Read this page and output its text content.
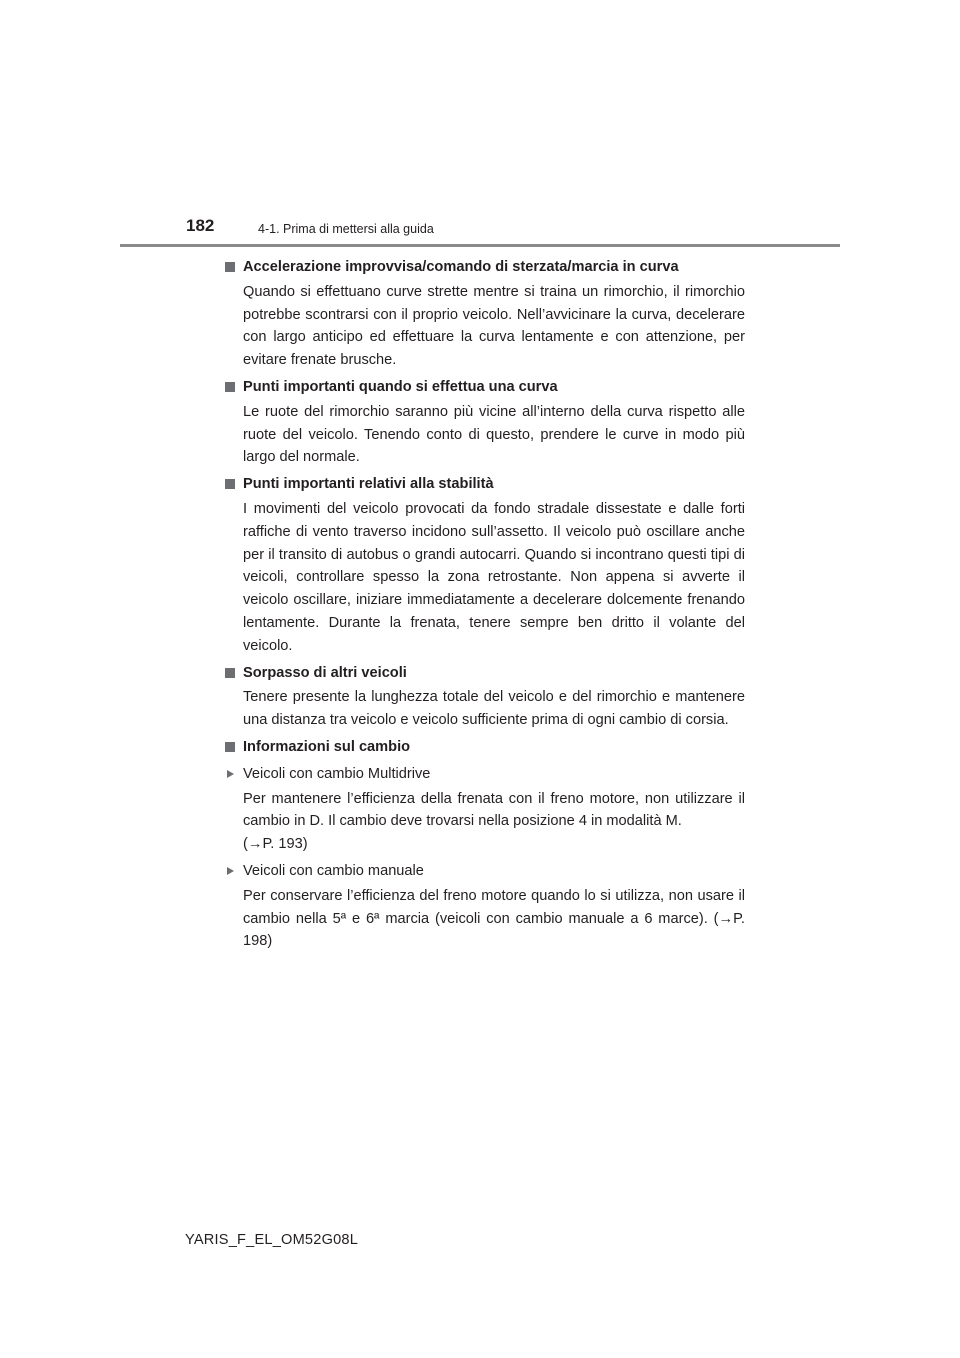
182	4-1. Prima di mettersi alla guida
Accelerazione improvvisa/comando di sterzata/marcia in curva
Quando si effettuano curve strette mentre si traina un rimorchio, il rimorchio potrebbe scontrarsi con il proprio veicolo. Nell’avvicinare la curva, decelerare con largo anticipo ed effettuare la curva lentamente e con attenzione, per evitare frenate brusche.
Punti importanti quando si effettua una curva
Le ruote del rimorchio saranno più vicine all’interno della curva rispetto alle ruote del veicolo. Tenendo conto di questo, prendere le curve in modo più largo del normale.
Punti importanti relativi alla stabilità
I movimenti del veicolo provocati da fondo stradale dissestate e dalle forti raffiche di vento traverso incidono sull’assetto. Il veicolo può oscillare anche per il transito di autobus o grandi autocarri. Quando si incontrano questi tipi di veicoli, controllare spesso la zona retrostante. Non appena si avverte il veicolo oscillare, iniziare immediatamente a decelerare dolcemente frenando lentamente. Durante la frenata, tenere sempre ben dritto il volante del veicolo.
Sorpasso di altri veicoli
Tenere presente la lunghezza totale del veicolo e del rimorchio e mantenere una distanza tra veicolo e veicolo sufficiente prima di ogni cambio di corsia.
Informazioni sul cambio
Veicoli con cambio Multidrive
Per mantenere l’efficienza della frenata con il freno motore, non utilizzare il cambio in D. Il cambio deve trovarsi nella posizione 4 in modalità M.
(→P. 193)
Veicoli con cambio manuale
Per conservare l’efficienza del freno motore quando lo si utilizza, non usare il cambio nella 5ª e 6ª marcia (veicoli con cambio manuale a 6 marce). (→P. 198)
YARIS_F_EL_OM52G08L
